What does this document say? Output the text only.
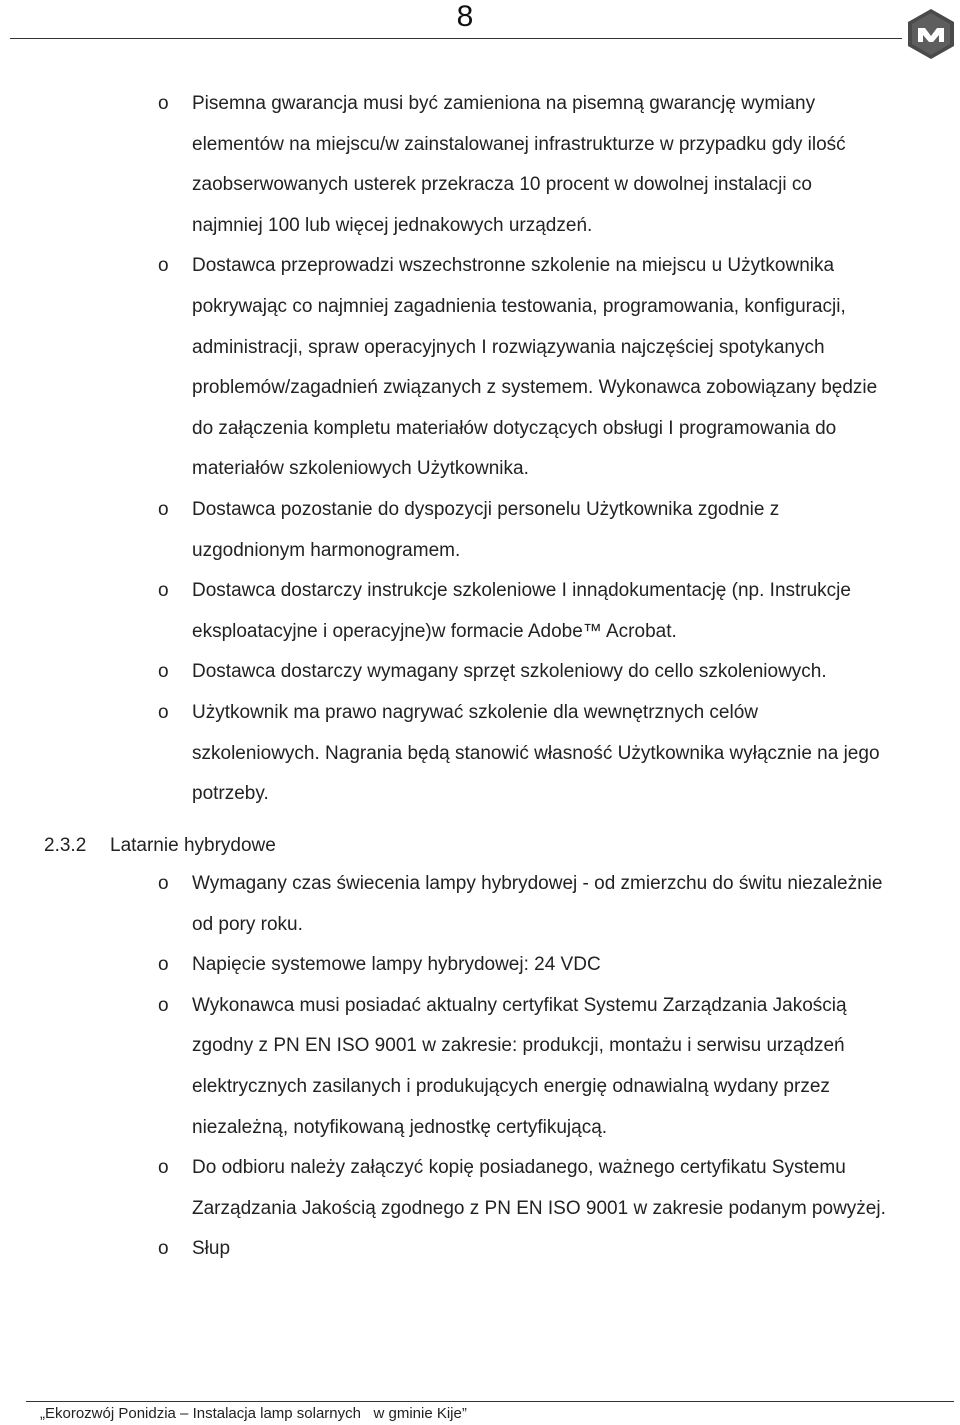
8
o Pisemna gwarancja musi być zamieniona na pisemną gwarancję wymiany
elementów na miejscu/w zainstalowanej infrastrukturze w przypadku gdy ilość
zaobserwowanych usterek przekracza 10 procent w dowolnej instalacji co
najmniej 100 lub więcej jednakowych urządzeń.
o Dostawca przeprowadzi wszechstronne szkolenie na miejscu u Użytkownika
pokrywając co najmniej zagadnienia testowania, programowania, konfiguracji,
administracji, spraw operacyjnych I rozwiązywania najczęściej spotykanych
problemów/zagadnień związanych z systemem. Wykonawca zobowiązany będzie
do załączenia kompletu materiałów dotyczących obsługi I programowania do
materiałów szkoleniowych Użytkownika.
o Dostawca pozostanie do dyspozycji personelu Użytkownika zgodnie z
uzgodnionym harmonogramem.
o Dostawca dostarczy instrukcje szkoleniowe I innądokumentację (np. Instrukcje
eksploatacyjne i operacyjne)w formacie Adobe™ Acrobat.
o Dostawca dostarczy wymagany sprzęt szkoleniowy do cello szkoleniowych.
o Użytkownik ma prawo nagrywać szkolenie dla wewnętrznych celów
szkoleniowych. Nagrania będą stanowić własność Użytkownika wyłącznie na jego
potrzeby.
2.3.2 Latarnie hybrydowe
o Wymagany czas świecenia lampy hybrydowej - od zmierzchu do świtu niezależnie
od pory roku.
o Napięcie systemowe lampy hybrydowej: 24 VDC
o Wykonawca musi posiadać aktualny certyfikat Systemu Zarządzania Jakością
zgodny z PN EN ISO 9001 w zakresie: produkcji, montażu i serwisu urządzeń
elektrycznych zasilanych i produkujących energię odnawialną wydany przez
niezależną, notyfikowaną jednostkę certyfikującą.
o Do odbioru należy załączyć kopię posiadanego, ważnego certyfikatu Systemu
Zarządzania Jakością zgodnego z PN EN ISO 9001 w zakresie podanym powyżej.
o Słup
„Ekorozwój Ponidzia – Instalacja lamp solarnych   w gminie Kije”
